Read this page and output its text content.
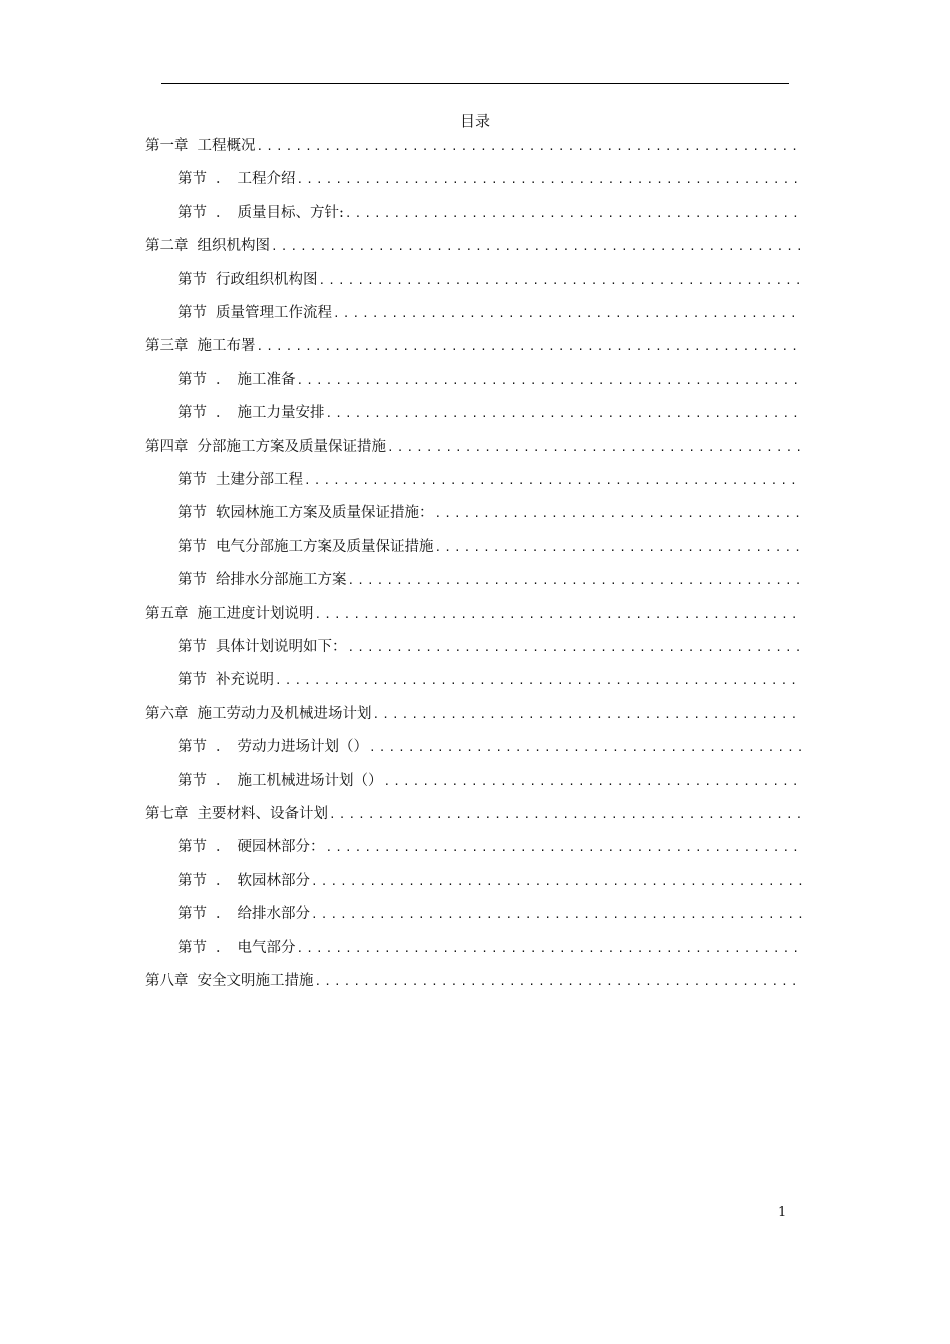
目录
第一章 工程概况
.....
第节 ． 工程介绍
.....
第节 ． 质量目标、方针:
.....
第二章 组织机构图
.....
第节 行政组织机构图
.....
第节 质量管理工作流程
.....
第三章 施工布署
.....
第节 ． 施工准备
.....
第节 ． 施工力量安排
.....
第四章 分部施工方案及质量保证措施
.....
第节 土建分部工程
.....
第节 软园林施工方案及质量保证措施：
.....
第节 电气分部施工方案及质量保证措施
.....
第节 给排水分部施工方案
.....
第五章 施工进度计划说明
.....
第节 具体计划说明如下：
.....
第节 补充说明
.....
第六章 施工劳动力及机械进场计划
.....
第节 ． 劳动力进场计划（）
.....
第节 ． 施工机械进场计划（）
.....
第七章 主要材料、设备计划
.....
第节 ． 硬园林部分：
.....
第节 ． 软园林部分
.....
第节 ． 给排水部分
.....
第节 ． 电气部分
.....
第八章 安全文明施工措施
.....
1
